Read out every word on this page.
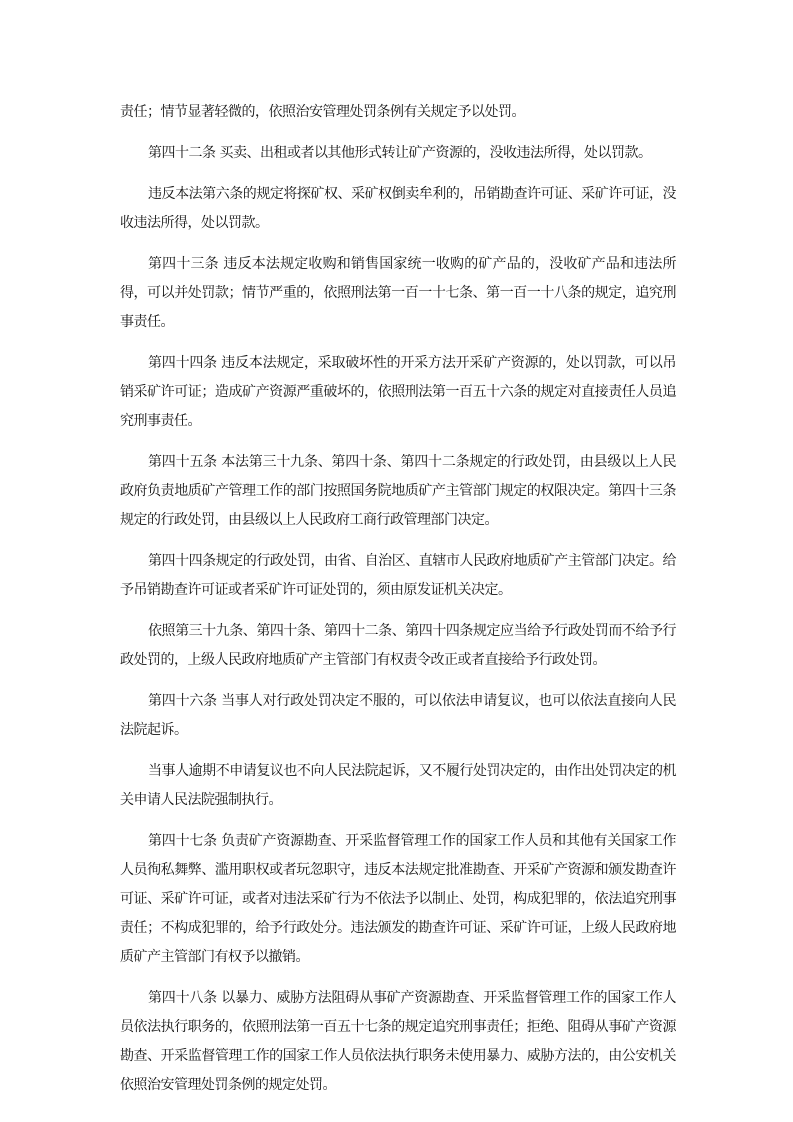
责任；情节显著轻微的，依照治安管理处罚条例有关规定予以处罚。

第四十二条 买卖、出租或者以其他形式转让矿产资源的，没收违法所得，处以罚款。

违反本法第六条的规定将探矿权、采矿权倒卖牟利的，吊销勘查许可证、采矿许可证，没收违法所得，处以罚款。

第四十三条 违反本法规定收购和销售国家统一收购的矿产品的，没收矿产品和违法所得，可以并处罚款；情节严重的，依照刑法第一百一十七条、第一百一十八条的规定，追究刑事责任。

第四十四条 违反本法规定，采取破坏性的开采方法开采矿产资源的，处以罚款，可以吊销采矿许可证；造成矿产资源严重破坏的，依照刑法第一百五十六条的规定对直接责任人员追究刑事责任。

第四十五条 本法第三十九条、第四十条、第四十二条规定的行政处罚，由县级以上人民政府负责地质矿产管理工作的部门按照国务院地质矿产主管部门规定的权限决定。第四十三条规定的行政处罚，由县级以上人民政府工商行政管理部门决定。

第四十四条规定的行政处罚，由省、自治区、直辖市人民政府地质矿产主管部门决定。给予吊销勘查许可证或者采矿许可证处罚的，须由原发证机关决定。

依照第三十九条、第四十条、第四十二条、第四十四条规定应当给予行政处罚而不给予行政处罚的，上级人民政府地质矿产主管部门有权责令改正或者直接给予行政处罚。

第四十六条 当事人对行政处罚决定不服的，可以依法申请复议，也可以依法直接向人民法院起诉。

当事人逾期不申请复议也不向人民法院起诉，又不履行处罚决定的，由作出处罚决定的机关申请人民法院强制执行。

第四十七条 负责矿产资源勘查、开采监督管理工作的国家工作人员和其他有关国家工作人员徇私舞弊、滥用职权或者玩忽职守，违反本法规定批准勘查、开采矿产资源和颁发勘查许可证、采矿许可证，或者对违法采矿行为不依法予以制止、处罚，构成犯罪的，依法追究刑事责任；不构成犯罪的，给予行政处分。违法颁发的勘查许可证、采矿许可证，上级人民政府地质矿产主管部门有权予以撤销。

第四十八条 以暴力、威胁方法阻碍从事矿产资源勘查、开采监督管理工作的国家工作人员依法执行职务的，依照刑法第一百五十七条的规定追究刑事责任；拒绝、阻碍从事矿产资源勘查、开采监督管理工作的国家工作人员依法执行职务未使用暴力、威胁方法的，由公安机关依照治安管理处罚条例的规定处罚。
